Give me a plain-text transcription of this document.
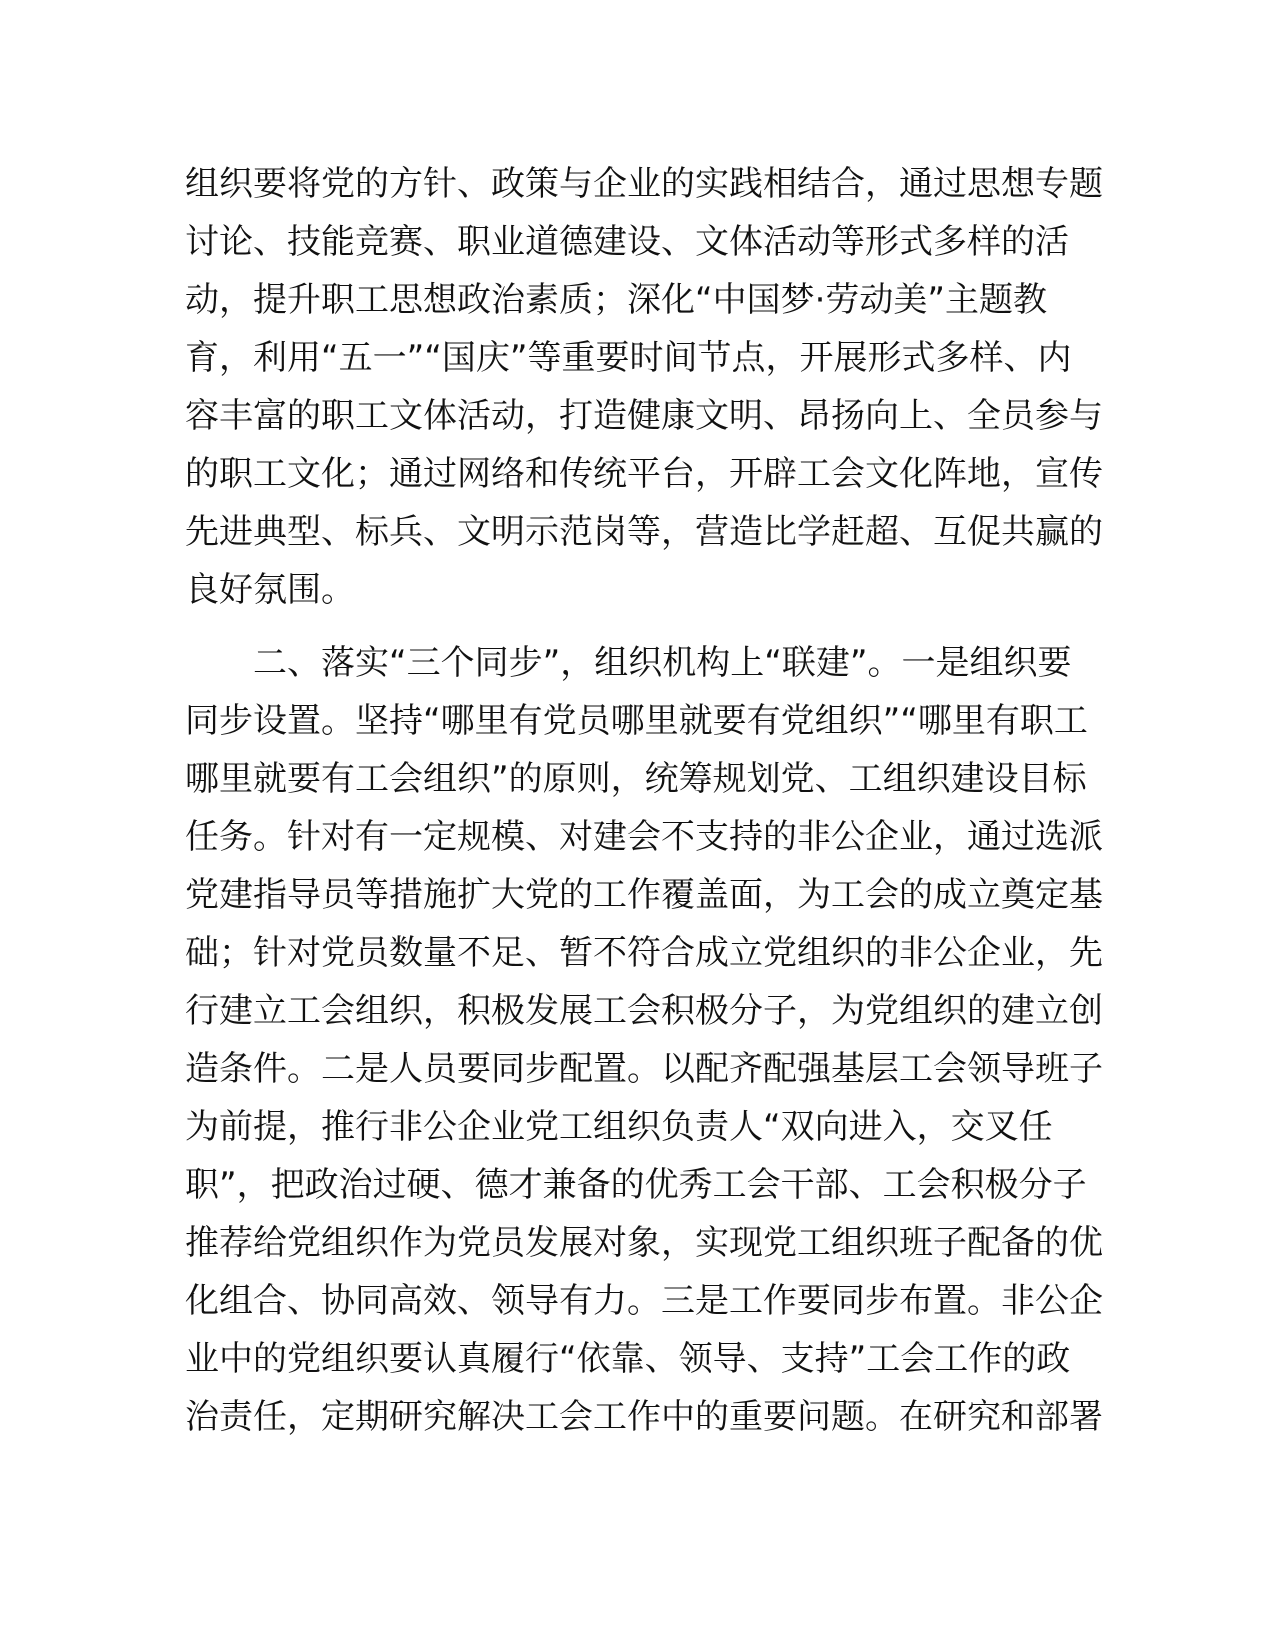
组织要将党的方针、政策与企业的实践相结合，通过思想专题
讨论、技能竞赛、职业道德建设、文体活动等形式多样的活
动，提升职工思想政治素质；深化“中国梦·劳动美”主题教
育，利用“五一”“国庆”等重要时间节点，开展形式多样、内
容丰富的职工文体活动，打造健康文明、昂扬向上、全员参与
的职工文化；通过网络和传统平台，开辟工会文化阵地，宣传
先进典型、标兵、文明示范岗等，营造比学赶超、互促共赢的
良好氛围。
　　二、落实“三个同步”，组织机构上“联建”。一是组织要
同步设置。坚持“哪里有党员哪里就要有党组织”“哪里有职工
哪里就要有工会组织”的原则，统筹规划党、工组织建设目标
任务。针对有一定规模、对建会不支持的非公企业，通过选派
党建指导员等措施扩大党的工作覆盖面，为工会的成立奠定基
础；针对党员数量不足、暂不符合成立党组织的非公企业，先
行建立工会组织，积极发展工会积极分子，为党组织的建立创
造条件。二是人员要同步配置。以配齐配强基层工会领导班子
为前提，推行非公企业党工组织负责人“双向进入，交叉任
职”，把政治过硬、德才兼备的优秀工会干部、工会积极分子
推荐给党组织作为党员发展对象，实现党工组织班子配备的优
化组合、协同高效、领导有力。三是工作要同步布置。非公企
业中的党组织要认真履行“依靠、领导、支持”工会工作的政
治责任，定期研究解决工会工作中的重要问题。在研究和部署
